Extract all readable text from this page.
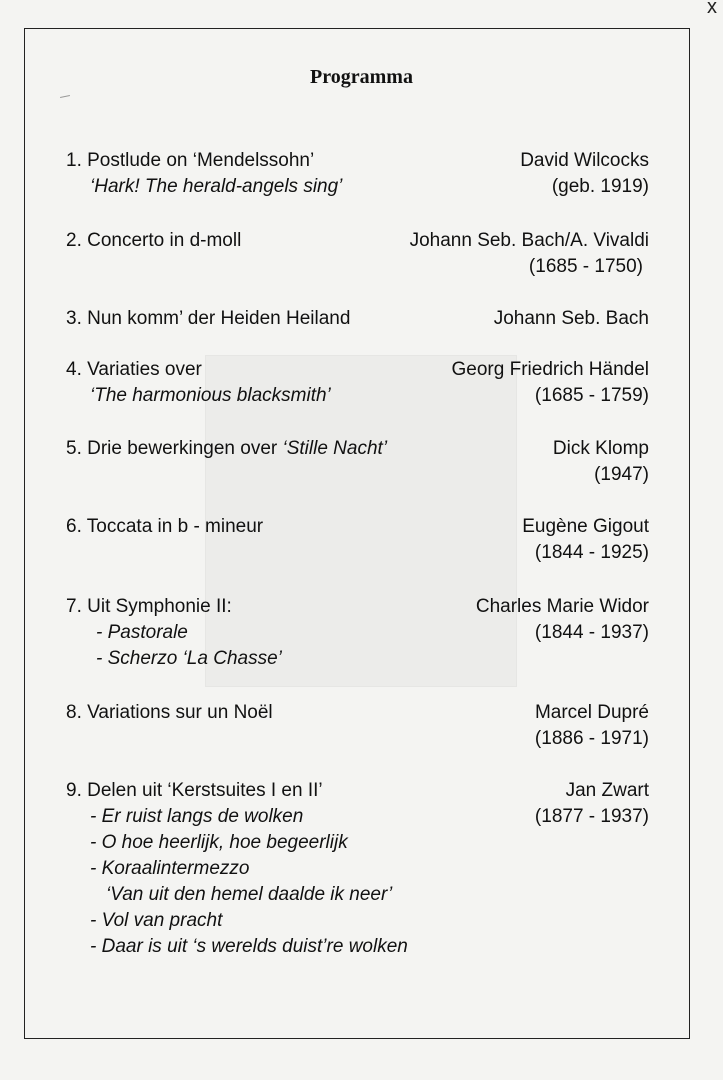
x
Programma
1. Postlude on ‘Mendelssohn’	David Wilcocks
‘Hark! The herald-angels sing’	(geb. 1919)
2. Concerto in d-moll	Johann Seb. Bach/A. Vivaldi
(1685 - 1750)
3. Nun komm’ der Heiden Heiland	Johann Seb. Bach
4. Variaties over	Georg Friedrich Händel
‘The harmonious blacksmith’	(1685 - 1759)
5. Drie bewerkingen over ‘Stille Nacht’	Dick Klomp
(1947)
6. Toccata in b - mineur	Eugène Gigout
(1844 - 1925)
7. Uit Symphonie II:	Charles Marie Widor
- Pastorale	(1844 - 1937)
- Scherzo ‘La Chasse’
8. Variations sur un Noël	Marcel Dupré
(1886 - 1971)
9. Delen uit ‘Kerstsuites I en II’	Jan Zwart
- Er ruist langs de wolken	(1877 - 1937)
- O hoe heerlijk, hoe begeerlijk
- Koraalintermezzo
‘Van uit den hemel daalde ik neer’
- Vol van pracht
- Daar is uit ‘s werelds duist’re wolken
